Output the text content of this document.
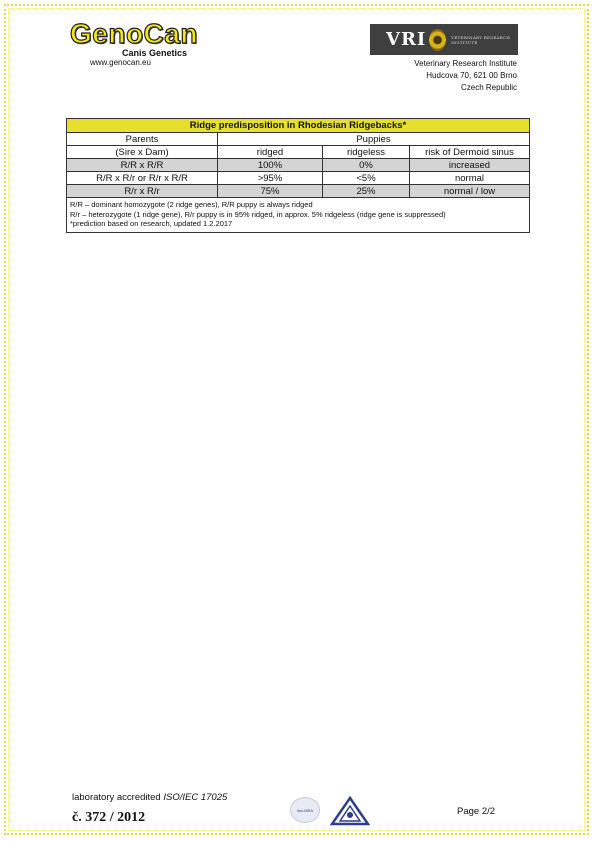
GenoCan
Canis Genetics
www.genocan.eu
VRI	VETERINARY RESEARCH INSTITUTE
Veterinary Research Institute
Hudcova 70, 621 00 Brno
Czech Republic
Ridge predisposition in Rhodesian Ridgebacks*			
Parents	Puppies		
(Sire x Dam)	ridged	ridgeless	risk of Dermoid sinus
R/R x R/R	100%	0%	increased
R/R x R/r or R/r x R/R	>95%	<5%	normal
R/r x R/r	75%	25%	normal / low

R/R – dominant homozygote (2 ridge genes), R/R puppy is always ridged
R/r – heterozygote (1 ridge gene), R/r puppy is in 95% ridged, in approx. 5% ridgeless (ridge gene is suppressed)
*prediction based on research, updated 1.2.2017			
laboratory accredited ISO/IEC 17025
č. 372 / 2012	ilac-MRA	Page 2/2
